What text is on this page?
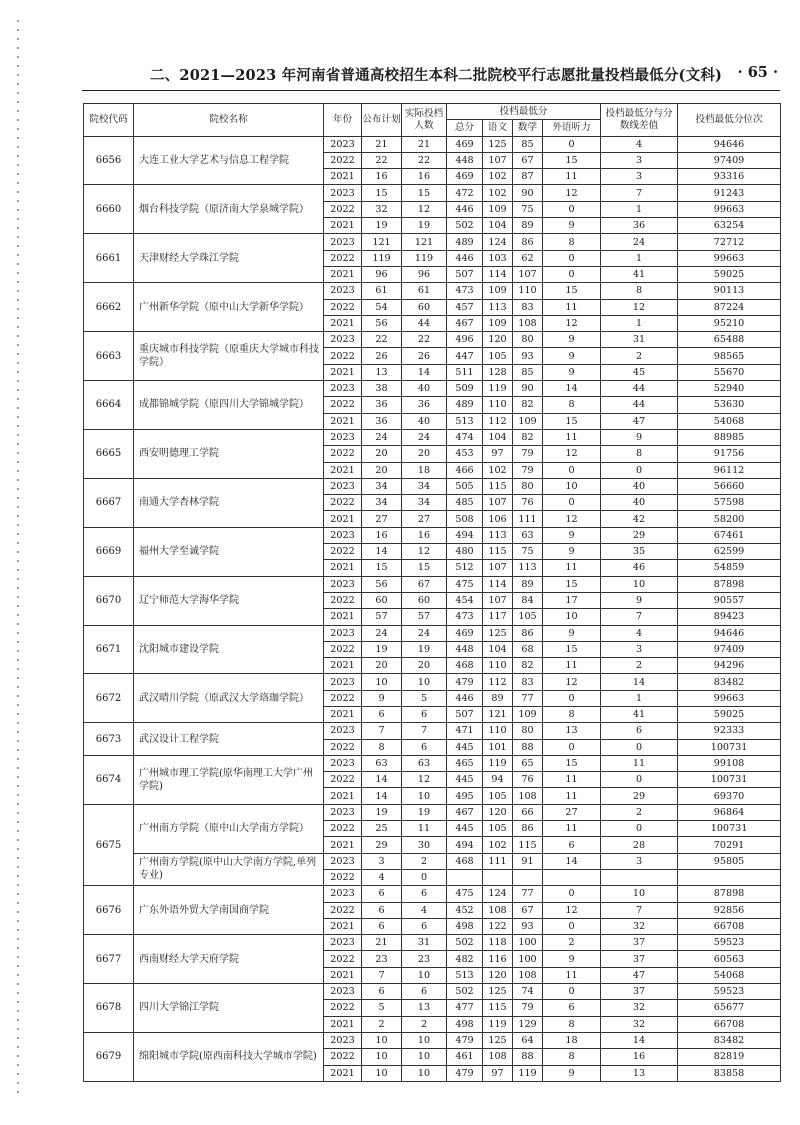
二、2021—2023 年河南省普通高校招生本科二批院校平行志愿批量投档最低分(文科) · 65 ·
院校代码	院校名称	年份	公布计划	实际投档人数	投档最低分				投档最低分与分数线差值	投档最低分位次
					总分	语文	数学	外语听力		
6656	大连工业大学艺术与信息工程学院	2023	21	21	469	125	85	0	4	94646
		2022	22	22	448	107	67	15	3	97409
		2021	16	16	469	102	87	11	3	93316
6660	烟台科技学院（原济南大学泉城学院）	2023	15	15	472	102	90	12	7	91243
		2022	32	12	446	109	75	0	1	99663
		2021	19	19	502	104	89	9	36	63254
6661	天津财经大学珠江学院	2023	121	121	489	124	86	8	24	72712
		2022	119	119	446	103	62	0	1	99663
		2021	96	96	507	114	107	0	41	59025
6662	广州新华学院（原中山大学新华学院）	2023	61	61	473	109	110	15	8	90113
		2022	54	60	457	113	83	11	12	87224
		2021	56	44	467	109	108	12	1	95210
6663	重庆城市科技学院（原重庆大学城市科技学院）	2023	22	22	496	120	80	9	31	65488
		2022	26	26	447	105	93	9	2	98565
		2021	13	14	511	128	85	9	45	55670
6664	成都锦城学院（原四川大学锦城学院）	2023	38	40	509	119	90	14	44	52940
		2022	36	36	489	110	82	8	44	53630
		2021	36	40	513	112	109	15	47	54068
6665	西安明德理工学院	2023	24	24	474	104	82	11	9	88985
		2022	20	20	453	97	79	12	8	91756
		2021	20	18	466	102	79	0	0	96112
6667	南通大学杏林学院	2023	34	34	505	115	80	10	40	56660
		2022	34	34	485	107	76	0	40	57598
		2021	27	27	508	106	111	12	42	58200
6669	福州大学至诚学院	2023	16	16	494	113	63	9	29	67461
		2022	14	12	480	115	75	9	35	62599
		2021	15	15	512	107	113	11	46	54859
6670	辽宁师范大学海华学院	2023	56	67	475	114	89	15	10	87898
		2022	60	60	454	107	84	17	9	90557
		2021	57	57	473	117	105	10	7	89423
6671	沈阳城市建设学院	2023	24	24	469	125	86	9	4	94646
		2022	19	19	448	104	68	15	3	97409
		2021	20	20	468	110	82	11	2	94296
6672	武汉晴川学院（原武汉大学珞珈学院）	2023	10	10	479	112	83	12	14	83482
		2022	9	5	446	89	77	0	1	99663
		2021	6	6	507	121	109	8	41	59025
6673	武汉设计工程学院	2023	7	7	471	110	80	13	6	92333
		2022	8	6	445	101	88	0	0	100731
6674	广州城市理工学院(原华南理工大学广州学院)	2023	63	63	465	119	65	15	11	99108
		2022	14	12	445	94	76	11	0	100731
		2021	14	10	495	105	108	11	29	69370
6675	广州南方学院（原中山大学南方学院）	2023	19	19	467	120	66	27	2	96864
		2022	25	11	445	105	86	11	0	100731
		2021	29	30	494	102	115	6	28	70291
	广州南方学院(原中山大学南方学院,单列专业)	2023	3	2	468	111	91	14	3	95805
		2022	4	0						
6676	广东外语外贸大学南国商学院	2023	6	6	475	124	77	0	10	87898
		2022	6	4	452	108	67	12	7	92856
		2021	6	6	498	122	93	0	32	66708
6677	西南财经大学天府学院	2023	21	31	502	118	100	2	37	59523
		2022	23	23	482	116	100	9	37	60563
		2021	7	10	513	120	108	11	47	54068
6678	四川大学锦江学院	2023	6	6	502	125	74	0	37	59523
		2022	5	13	477	115	79	6	32	65677
		2021	2	2	498	119	129	8	32	66708
6679	绵阳城市学院(原西南科技大学城市学院)	2023	10	10	479	125	64	18	14	83482
		2022	10	10	461	108	88	8	16	82819
		2021	10	10	479	97	119	9	13	83858
